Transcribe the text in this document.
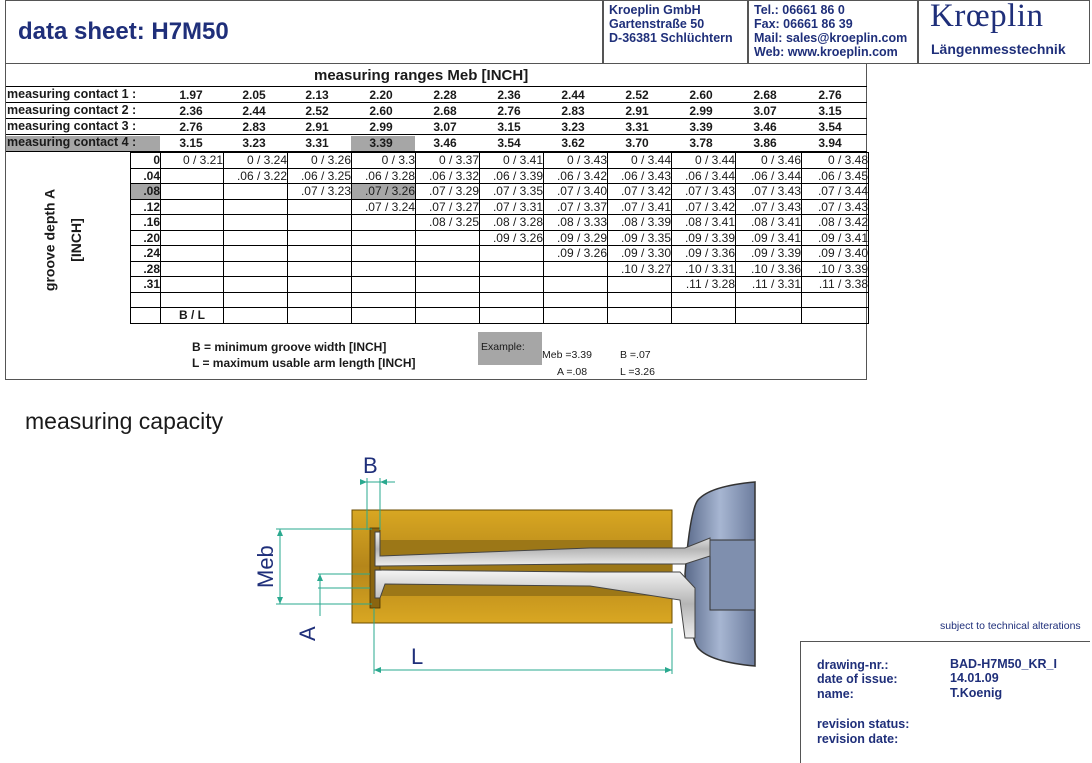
data sheet: H7M50
Kroeplin GmbH
Gartenstraße 50
D-36381 Schlüchtern
Tel.: 06661 86 0
Fax: 06661 86 39
Mail: sales@kroeplin.com
Web: www.kroeplin.com
Krœplin
Längenmesstechnik
measuring ranges Meb [INCH]
measuring contact 1 :	1.97	2.05	2.13	2.20	2.28	2.36	2.44	2.52	2.60	2.68	2.76
measuring contact 2 :	2.36	2.44	2.52	2.60	2.68	2.76	2.83	2.91	2.99	3.07	3.15
measuring contact 3 :	2.76	2.83	2.91	2.99	3.07	3.15	3.23	3.31	3.39	3.46	3.54
measuring contact 4 :	3.15	3.23	3.31	3.39	3.46	3.54	3.62	3.70	3.78	3.86	3.94
0	0 / 3.21	0 / 3.24	0 / 3.26	0 / 3.3	0 / 3.37	0 / 3.41	0 / 3.43	0 / 3.44	0 / 3.44	0 / 3.46	0 / 3.48
.04		.06 / 3.22	.06 / 3.25	.06 / 3.28	.06 / 3.32	.06 / 3.39	.06 / 3.42	.06 / 3.43	.06 / 3.44	.06 / 3.44	.06 / 3.45
.08			.07 / 3.23	.07 / 3.26	.07 / 3.29	.07 / 3.35	.07 / 3.40	.07 / 3.42	.07 / 3.43	.07 / 3.43	.07 / 3.44
.12				.07 / 3.24	.07 / 3.27	.07 / 3.31	.07 / 3.37	.07 / 3.41	.07 / 3.42	.07 / 3.43	.07 / 3.43
.16					.08 / 3.25	.08 / 3.28	.08 / 3.33	.08 / 3.39	.08 / 3.41	.08 / 3.41	.08 / 3.42
.20						.09 / 3.26	.09 / 3.29	.09 / 3.35	.09 / 3.39	.09 / 3.41	.09 / 3.41
.24							.09 / 3.26	.09 / 3.30	.09 / 3.36	.09 / 3.39	.09 / 3.40
.28								.10 / 3.27	.10 / 3.31	.10 / 3.36	.10 / 3.39
.31									.11 / 3.28	.11 / 3.31	.11 / 3.38

	B / L										
groove depth A [INCH]
B = minimum groove width [INCH]
L = maximum usable arm length [INCH]
Example:
Meb =3.39	B =.07
A =.08	L =3.26
measuring capacity
B
Meb
A
L
subject to technical alterations
drawing-nr.:	BAD-H7M50_KR_I
date of issue:	14.01.09
name:	T.Koenig
revision status:
revision date:
